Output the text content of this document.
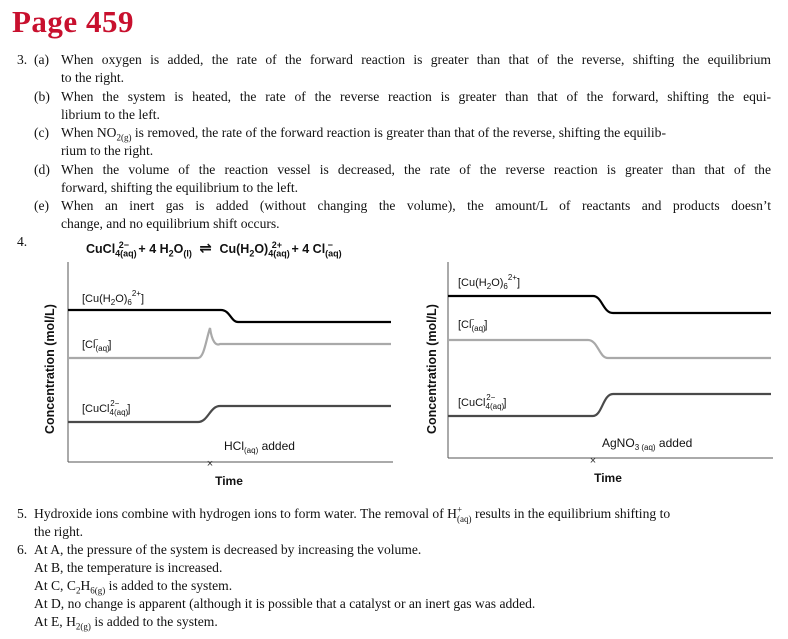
Page 459
3. (a) When oxygen is added, the rate of the forward reaction is greater than that of the reverse, shifting the equilibrium
to the right.
(b) When the system is heated, the rate of the reverse reaction is greater than that of the forward, shifting the equi-
librium to the left.
(c) When $NO_{2(g)}$ is removed, the rate of the forward reaction is greater than that of the reverse, shifting the equilib-
rium to the right.
(d) When the volume of the reaction vessel is decreased, the rate of the reverse reaction is greater than that of the
forward, shifting the equilibrium to the left.
(e) When an inert gas is added (without changing the volume), the amount/L of reactants and products doesn’t
change, and no equilibrium shift occurs.
4.	CuCl$_{4(aq)}^{2-}$ + 4 $H_2O_{(l)}$ ⇌ $Cu(H_2O)_{4(aq)}^{2+} + 4$ $Cl_{(aq)}^-$
Concentration (mol/L)
$[Cu(H_2O)_6^{2+}]$
[$Cl_{(aq)}-$ ]
[CuCl$_{4(aq)}$2− ]
HCl$_{(aq)}$ added
×
Time
Concentration (mol/L)
$[Cu(H_2O)_6^{2+}]$
[$Cl_{(aq)}-$ ]
[CuCl$_{4(aq)}$2− ]
AgNO$_{3 (aq)}$ added
×
Time
5. Hydroxide ions combine with hydrogen ions to form water. The removal of $H^+_{(aq)}$ results in the equilibrium shifting to
the right.
6. At A, the pressure of the system is decreased by increasing the volume.
At B, the temperature is increased.
At C, $C_2H_{6(g)}$ is added to the system.
At D, no change is apparent (although it is possible that a catalyst or an inert gas was added.
At E, $H_{2(g)}$ is added to the system.
